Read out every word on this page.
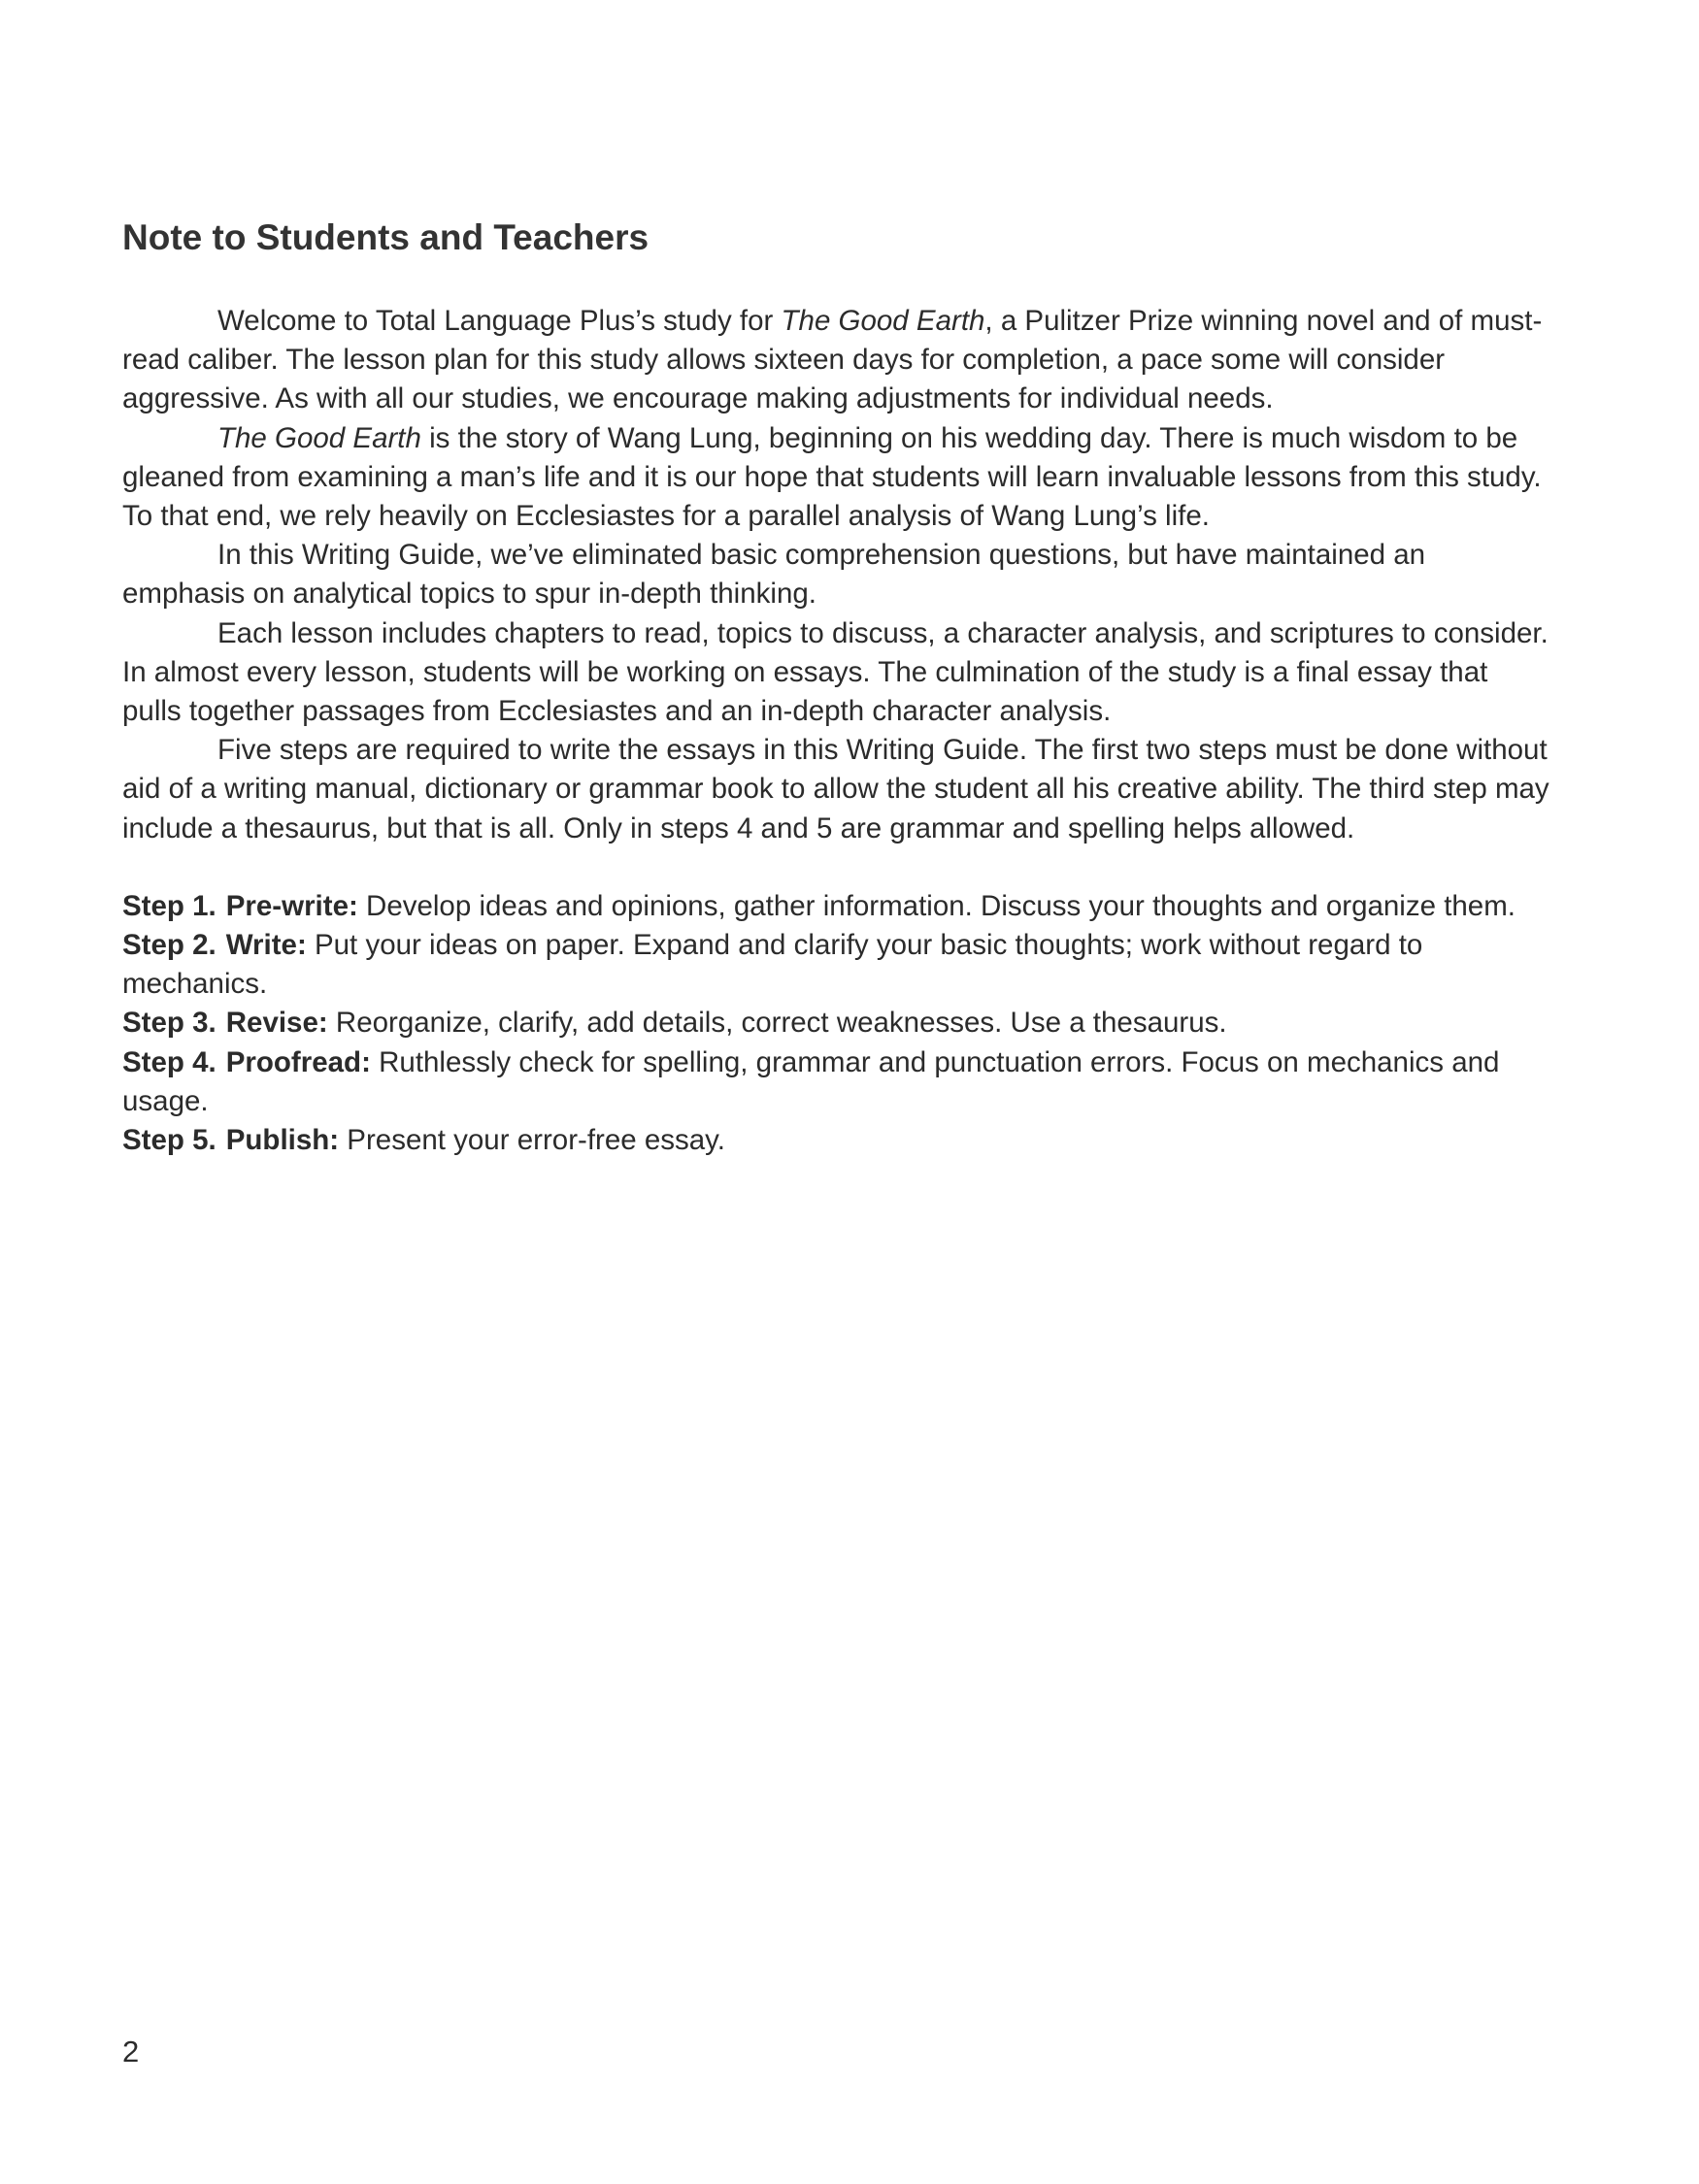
Note to Students and Teachers

Welcome to Total Language Plus’s study for The Good Earth, a Pulitzer Prize winning novel and of must-read caliber. The lesson plan for this study allows sixteen days for completion, a pace some will consider aggressive. As with all our studies, we encourage making adjustments for individual needs.

The Good Earth is the story of Wang Lung, beginning on his wedding day. There is much wisdom to be gleaned from examining a man’s life and it is our hope that students will learn invaluable lessons from this study. To that end, we rely heavily on Ecclesiastes for a parallel analysis of Wang Lung’s life.

In this Writing Guide, we’ve eliminated basic comprehension questions, but have maintained an emphasis on analytical topics to spur in-depth thinking.

Each lesson includes chapters to read, topics to discuss, a character analysis, and scriptures to consider. In almost every lesson, students will be working on essays. The culmination of the study is a final essay that pulls together passages from Ecclesiastes and an in-depth character analysis.

Five steps are required to write the essays in this Writing Guide. The first two steps must be done without aid of a writing manual, dictionary or grammar book to allow the student all his creative ability. The third step may include a thesaurus, but that is all. Only in steps 4 and 5 are grammar and spelling helps allowed.

Step 1. Pre-write: Develop ideas and opinions, gather information. Discuss your thoughts and organize them.

Step 2. Write: Put your ideas on paper. Expand and clarify your basic thoughts; work without regard to mechanics.

Step 3. Revise: Reorganize, clarify, add details, correct weaknesses. Use a thesaurus.

Step 4. Proofread: Ruthlessly check for spelling, grammar and punctuation errors. Focus on mechanics and usage.

Step 5. Publish: Present your error-free essay.

2
